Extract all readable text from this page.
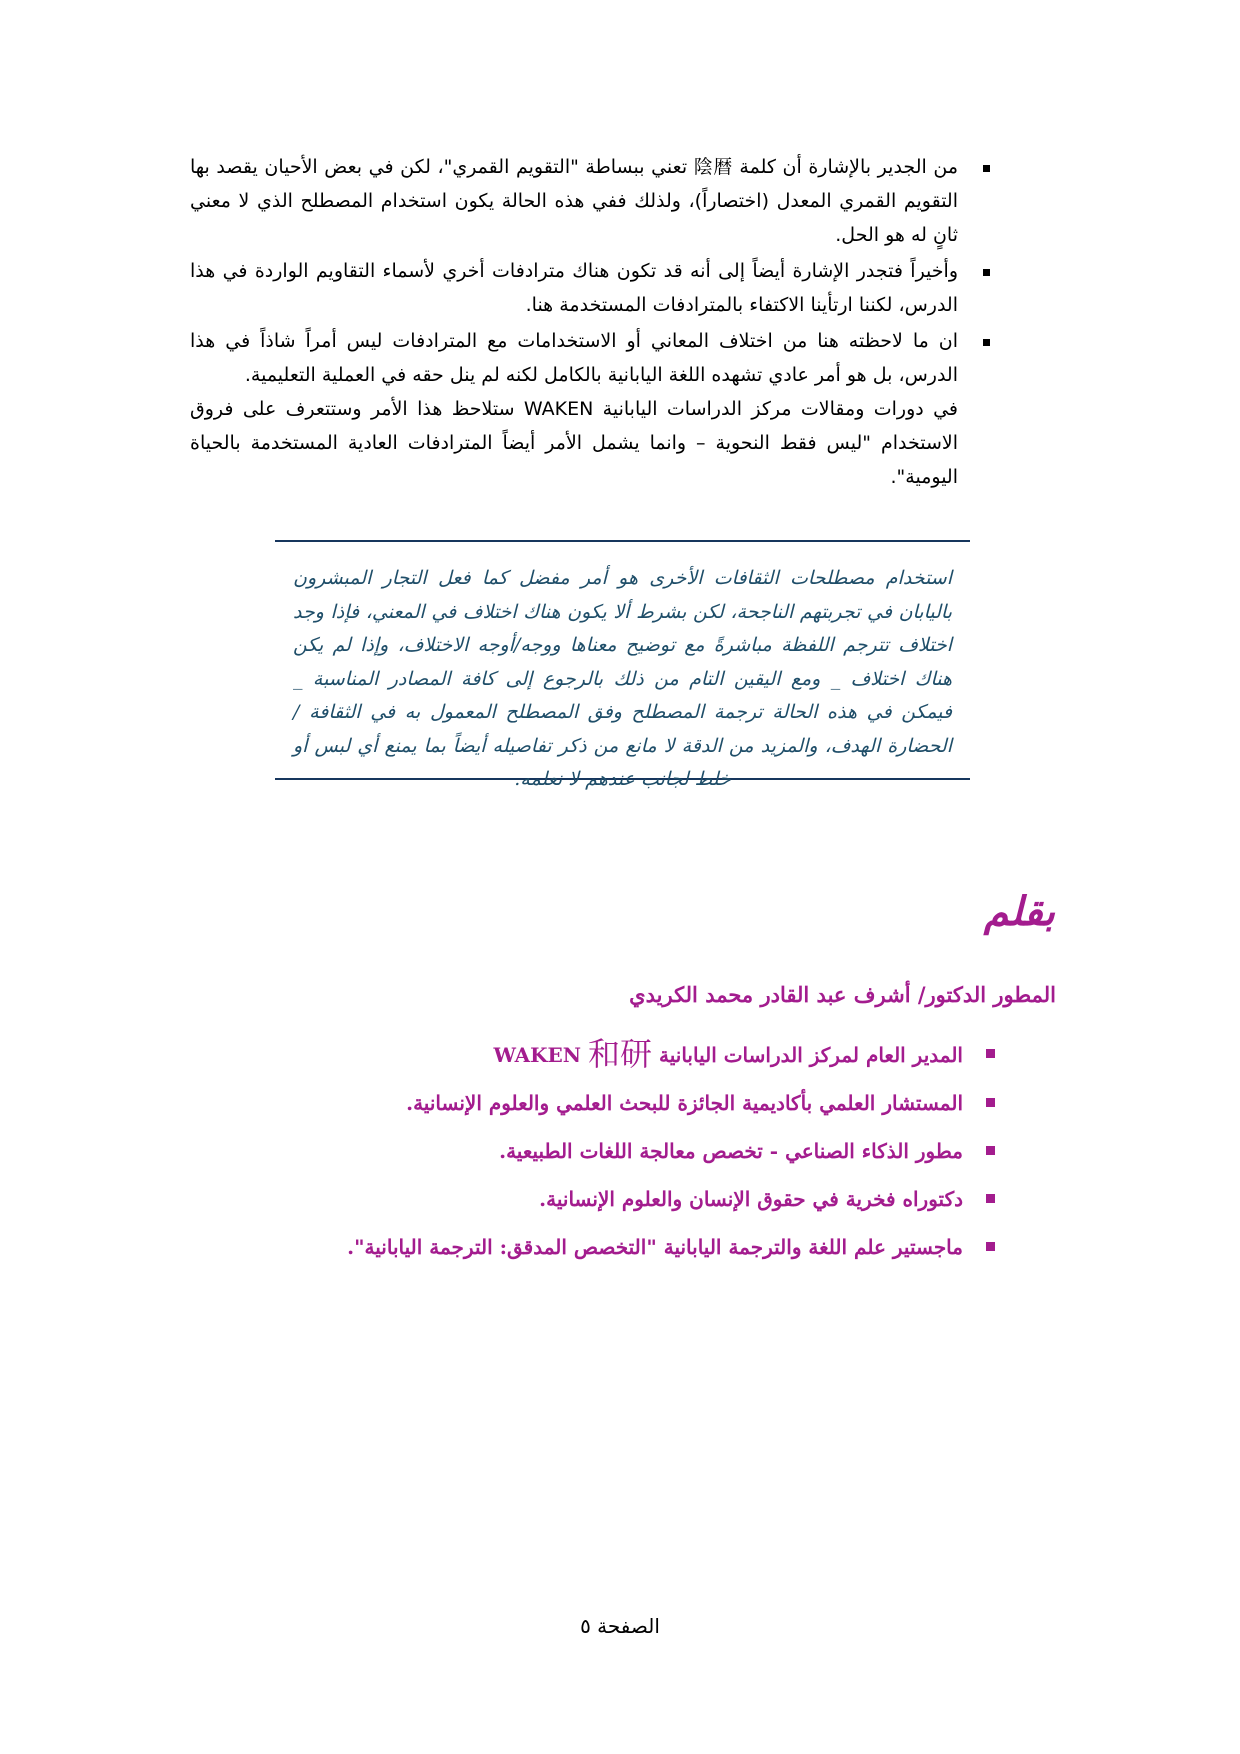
من الجدير بالإشارة أن كلمة 陰暦 تعني ببساطة "التقويم القمري"، لكن في بعض الأحيان يقصد بها التقويم القمري المعدل (اختصاراً)، ولذلك ففي هذه الحالة يكون استخدام المصطلح الذي لا معني ثانٍ له هو الحل.
وأخيراً فتجدر الإشارة أيضاً إلى أنه قد تكون هناك مترادفات أخري لأسماء التقاويم الواردة في هذا الدرس، لكننا ارتأينا الاكتفاء بالمترادفات المستخدمة هنا.
ان ما لاحظته هنا من اختلاف المعاني أو الاستخدامات مع المترادفات ليس أمراً شاذاً في هذا الدرس، بل هو أمر عادي تشهده اللغة اليابانية بالكامل لكنه لم ينل حقه في العملية التعليمية.
في دورات ومقالات مركز الدراسات اليابانية WAKEN ستلاحظ هذا الأمر وستتعرف على فروق الاستخدام "ليس فقط النحوية – وانما يشمل الأمر أيضاً المترادفات العادية المستخدمة بالحياة اليومية".
استخدام مصطلحات الثقافات الأخرى هو أمر مفضل كما فعل التجار المبشرون باليابان في تجربتهم الناجحة، لكن بشرط ألا يكون هناك اختلاف في المعني، فإذا وجد اختلاف تترجم اللفظة مباشرةً مع توضيح معناها ووجه/أوجه الاختلاف، وإذا لم يكن هناك اختلاف _ ومع اليقين التام من ذلك بالرجوع إلى كافة المصادر المناسبة _ فيمكن في هذه الحالة ترجمة المصطلح وفق المصطلح المعمول به في الثقافة / الحضارة الهدف، والمزيد من الدقة لا مانع من ذكر تفاصيله أيضاً بما يمنع أي لبس أو خلط لجانب عندهم لا نعلمه.
بقلم
المطور الدكتور/ أشرف عبد القادر محمد الكريدي
المدير العام لمركز الدراسات اليابانية WAKEN 和研
المستشار العلمي بأكاديمية الجائزة للبحث العلمي والعلوم الإنسانية.
مطور الذكاء الصناعي - تخصص معالجة اللغات الطبيعية.
دكتوراه فخرية في حقوق الإنسان والعلوم الإنسانية.
ماجستير علم اللغة والترجمة اليابانية "التخصص المدقق: الترجمة اليابانية".
الصفحة ٥
